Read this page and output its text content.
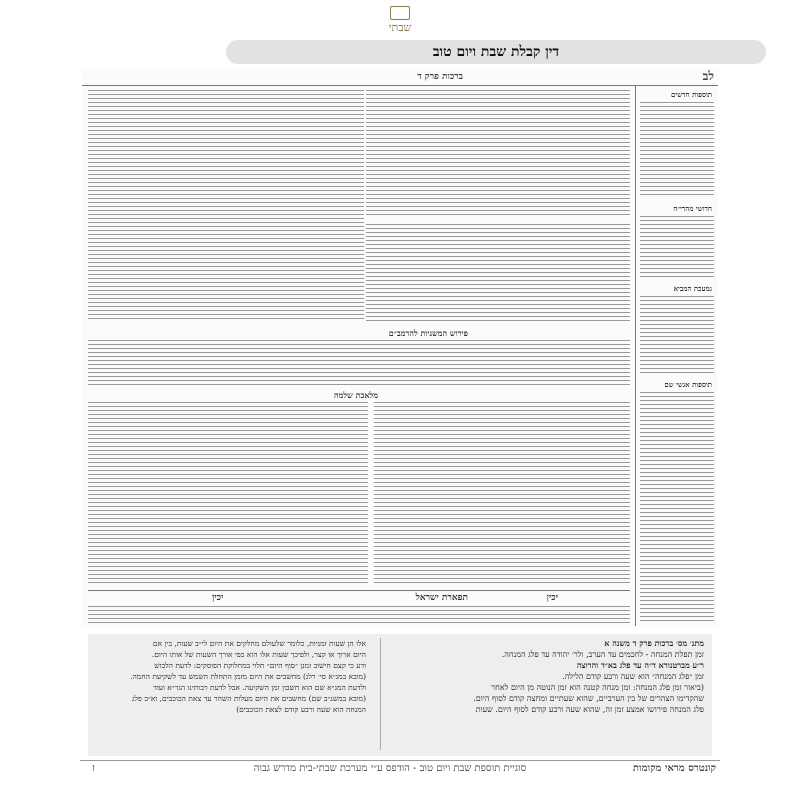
שבתי
דין קבלת שבת ויום טוב
לב
ברכות פרק ד
תוספות חדשים
חדושי מהרי״ח
גמעכת המביא
תוספות אנשי שם
פירוש המשניות להרמב״ם
מלאכת שלמה
תפארת ישראל	יכין
יכין

מתנ׳ מס׳ ברכות פרק ד משנה א

זמן תפלת המנחה - לחכמים עד הערב, ולר׳ יהודה עד פלג המנחה.

ר״ע מברטנורא ד״ה עד פלג בא״ד והרוצה

זמן ״פלג המנחה״ הוא שעה ורבע קודם הלילה.

(ביאור זמן פלג המנחה: זמן מנחה קטנה הוא זמן הנוטה מן היום לאחר

שהקדימו הצהרים של בין הערביים, שהוא שעתיים ומחצה קודם לסוף היום.

פלג המנחה פירושו אמצע זמן זה, שהוא שעה ורבע קודם לסוף היום. שעות

אלו הן שעות זמניות, כלומר שלעולם מחלקים את היום לי״ב שעות, בין אם

היום ארוך או קצר, ולפיכך שעות אלו הוא כפי אורך השעות של אותו היום.

ודע כי קצם חישוב זמנן ״סוף היום״ תלוי במחלוקת הפוסקים: לדעת הלבוש

(מובא במג״א סי׳ רלג) מחשבים את היום מזמן התחלת השמש עד לשקיעת החמה.

ולדעת המג״א שם הוא חשבון זמן השקיעה. אבל לדעת רבותינו הגר״א ועוד

(מובא במשנ״ב שם) מחשבים את היום מעלות השחר עד צאת הכוכבים, וא״כ פלג

המנחה הוא שעה ורבע קודם לצאת הכוכבים)

קונטרס מראי מקומות
סוגיית תוספת שבת ויום טוב - הודפס ע״י מערכת שבתי-בית מדרש גבוה
ז
